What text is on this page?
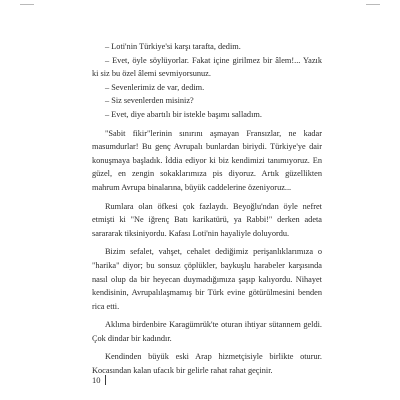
– Loti'nin Türkiye'si karşı tarafta, dedim.

– Evet, öyle söylüyorlar. Fakat içine girilmez bir âlem!... Yazık ki siz bu özel âlemi sevmiyorsunuz.

– Sevenlerimiz de var, dedim.

– Siz sevenlerden misiniz?

– Evet, diye abartılı bir istekle başımı salladım.

"Sabit fikir"lerinin sınırını aşmayan Fransızlar, ne kadar masumdurlar! Bu genç Avrupalı bunlardan biriydi. Türkiye'ye dair konuşmaya başladık. İddia ediyor ki biz kendimizi tanımıyoruz. En güzel, en zengin sokaklarımıza pis diyoruz. Artık güzellikten mahrum Avrupa binalarına, büyük caddelerine özeniyoruz...

Rumlara olan öfkesi çok fazlaydı. Beyoğlu'ndan öyle nefret etmişti ki "Ne iğrenç Batı karikatürü, ya Rabbi!" derken adeta sarararak tiksiniyordu. Kafası Loti'nin hayaliyle doluyordu.

Bizim sefalet, vahşet, cehalet dediğimiz perişanlıklarımıza o "harika" diyor; bu sonsuz çöplükler, baykuşlu harabeler karşısında nasıl olup da bir heyecan duymadığımıza şaşıp kalıyordu. Nihayet kendisinin, Avrupalılaşmamış bir Türk evine götürülmesini benden rica etti.

Aklıma birdenbire Karagümrük'te oturan ihtiyar sütannem geldi. Çok dindar bir kadındır.

Kendinden büyük eski Arap hizmetçisiyle birlikte oturur. Kocasından kalan ufacık bir gelirle rahat rahat geçinir.

10
